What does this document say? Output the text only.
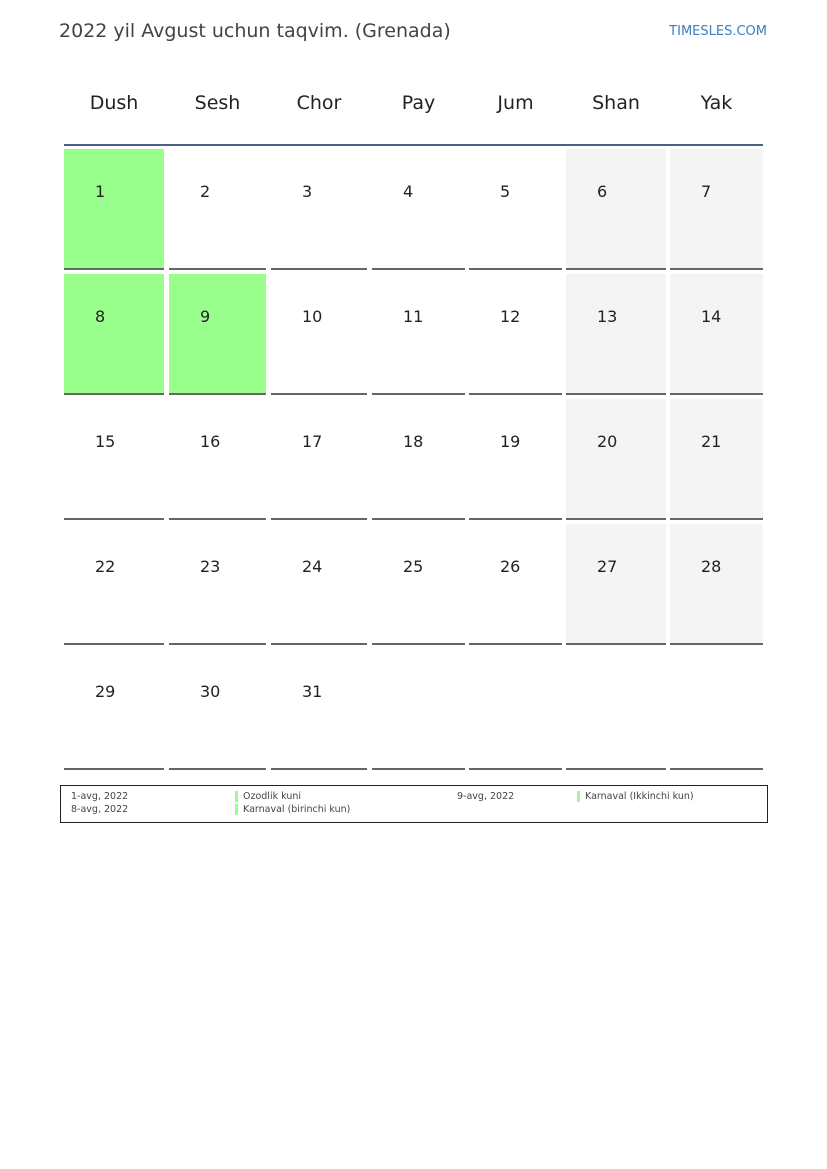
2022 yil Avgust uchun taqvim. (Grenada)	TIMESLES.COM
Dush	Sesh	Chor	Pay	Jum	Shan	Yak
1	2	3	4	5	6	7
8	9	10	11	12	13	14
15	16	17	18	19	20	21
22	23	24	25	26	27	28
29	30	31
1-avg, 2022	Ozodlik kuni
8-avg, 2022	Karnaval (birinchi kun)
9-avg, 2022	Karnaval (Ikkinchi kun)
